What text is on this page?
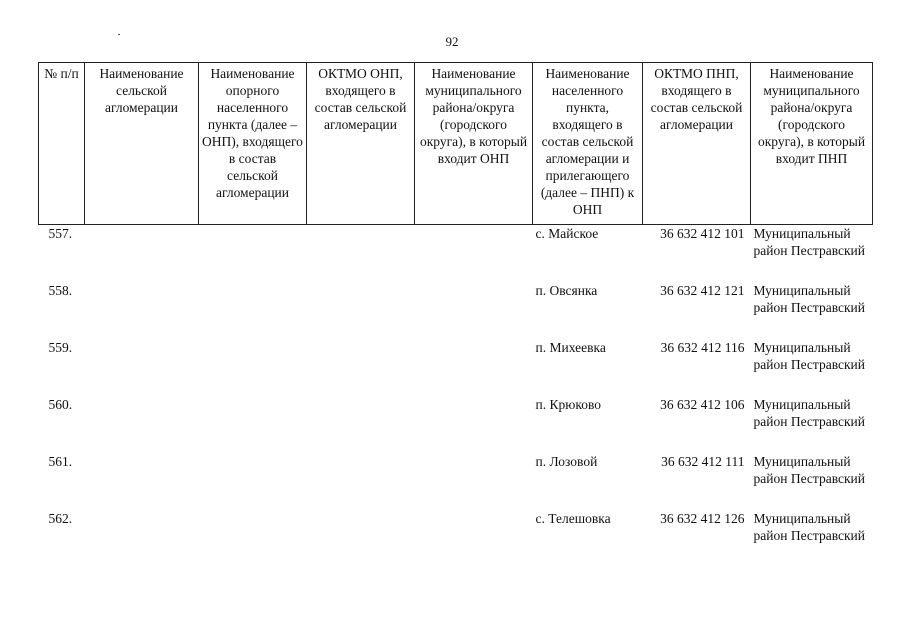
92
№ п/п	Наименование сельской агломерации	Наименование опорного населенного пункта (далее – ОНП), входящего в состав сельской агломерации	ОКТМО ОНП, входящего в состав сельской агломерации	Наименование муниципального района/округа (городского округа), в который входит ОНП	Наименование населенного пункта, входящего в состав сельской агломерации и прилегающего (далее – ПНП) к ОНП	ОКТМО ПНП, входящего в состав сельской агломерации	Наименование муниципального района/округа (городского округа), в который входит ПНП
557.					с. Майское	36 632 412 101	Муниципальный район Пестравский
558.					п. Овсянка	36 632 412 121	Муниципальный район Пестравский
559.					п. Михеевка	36 632 412 116	Муниципальный район Пестравский
560.					п. Крюково	36 632 412 106	Муниципальный район Пестравский
561.					п. Лозовой	36 632 412 111	Муниципальный район Пестравский
562.					с. Телешовка	36 632 412 126	Муниципальный район Пестравский
